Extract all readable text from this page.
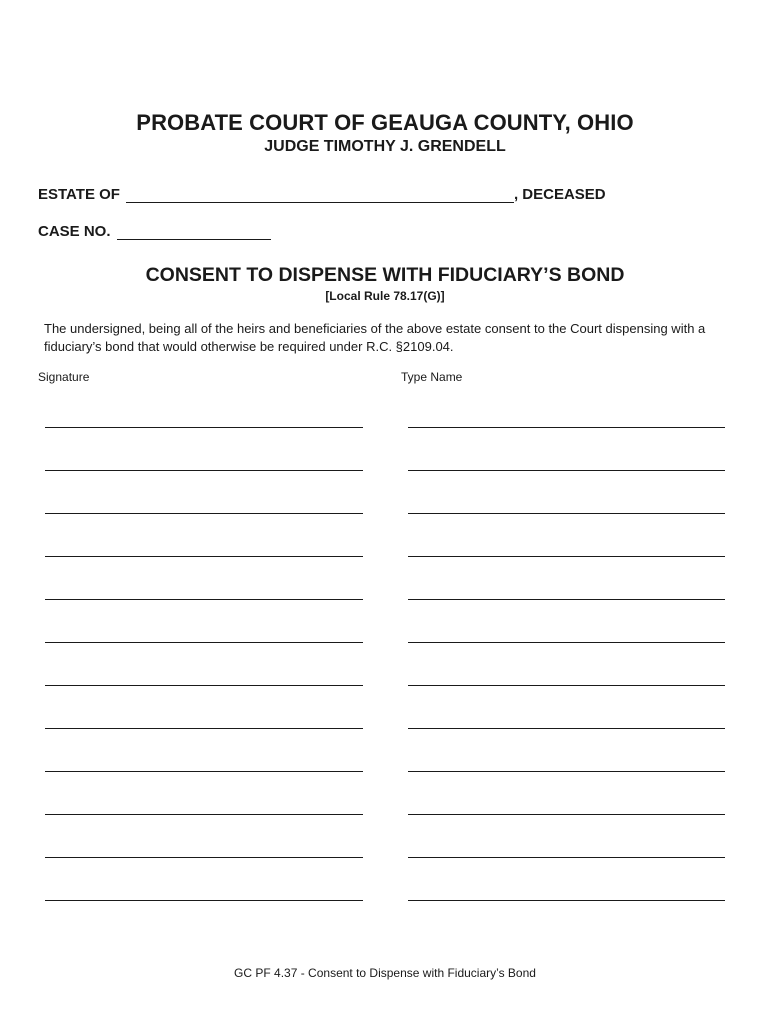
PROBATE COURT OF GEAUGA COUNTY, OHIO
JUDGE TIMOTHY J. GRENDELL
ESTATE OF	, DECEASED
CASE NO.
CONSENT TO DISPENSE WITH FIDUCIARY’S BOND
[Local Rule 78.17(G)]
The undersigned, being all of the heirs and beneficiaries of the above estate consent to the Court dispensing with a fiduciary’s bond that would otherwise be required under R.C. §2109.04.
Signature	Type Name
GC PF 4.37 - Consent to Dispense with Fiduciary’s Bond
